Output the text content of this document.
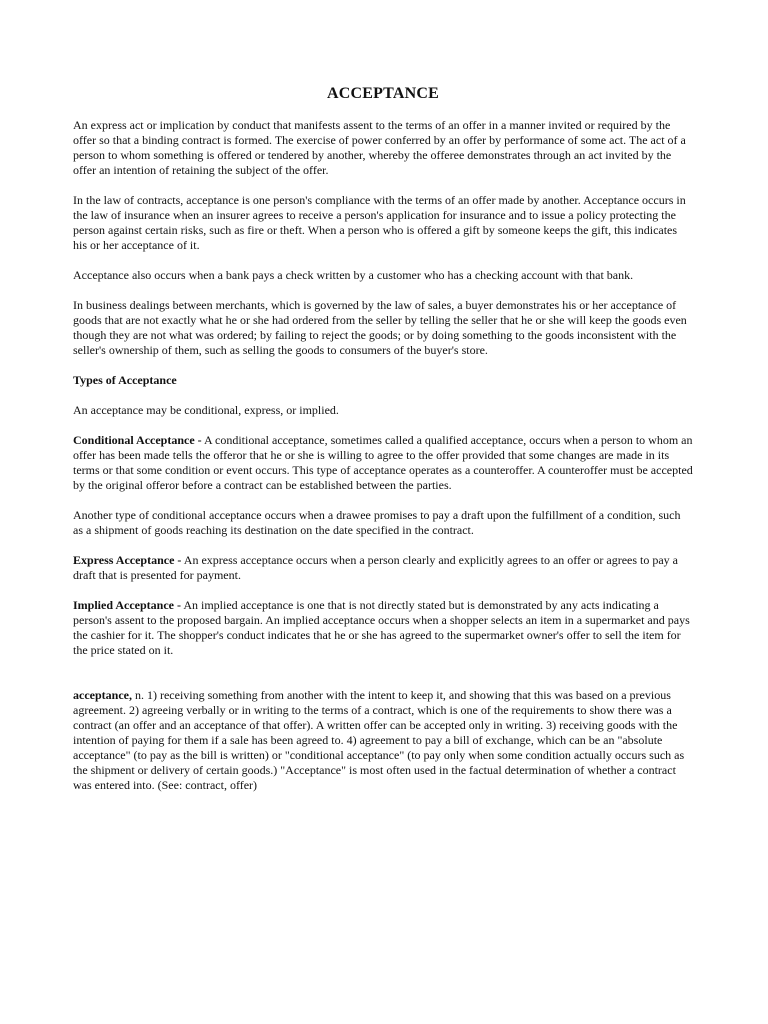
ACCEPTANCE

An express act or implication by conduct that manifests assent to the terms of an offer in a manner invited or required by the offer so that a binding contract is formed. The exercise of power conferred by an offer by performance of some act. The act of a person to whom something is offered or tendered by another, whereby the offeree demonstrates through an act invited by the offer an intention of retaining the subject of the offer.

In the law of contracts, acceptance is one person's compliance with the terms of an offer made by another. Acceptance occurs in the law of insurance when an insurer agrees to receive a person's application for insurance and to issue a policy protecting the person against certain risks, such as fire or theft. When a person who is offered a gift by someone keeps the gift, this indicates his or her acceptance of it.

Acceptance also occurs when a bank pays a check written by a customer who has a checking account with that bank.

In business dealings between merchants, which is governed by the law of sales, a buyer demonstrates his or her acceptance of goods that are not exactly what he or she had ordered from the seller by telling the seller that he or she will keep the goods even though they are not what was ordered; by failing to reject the goods; or by doing something to the goods inconsistent with the seller's ownership of them, such as selling the goods to consumers of the buyer's store.

Types of Acceptance

An acceptance may be conditional, express, or implied.

Conditional Acceptance - A conditional acceptance, sometimes called a qualified acceptance, occurs when a person to whom an offer has been made tells the offeror that he or she is willing to agree to the offer provided that some changes are made in its terms or that some condition or event occurs. This type of acceptance operates as a counteroffer. A counteroffer must be accepted by the original offeror before a contract can be established between the parties.

Another type of conditional acceptance occurs when a drawee promises to pay a draft upon the fulfillment of a condition, such as a shipment of goods reaching its destination on the date specified in the contract.

Express Acceptance - An express acceptance occurs when a person clearly and explicitly agrees to an offer or agrees to pay a draft that is presented for payment.

Implied Acceptance - An implied acceptance is one that is not directly stated but is demonstrated by any acts indicating a person's assent to the proposed bargain. An implied acceptance occurs when a shopper selects an item in a supermarket and pays the cashier for it. The shopper's conduct indicates that he or she has agreed to the supermarket owner's offer to sell the item for the price stated on it.

acceptance, n. 1) receiving something from another with the intent to keep it, and showing that this was based on a previous agreement. 2) agreeing verbally or in writing to the terms of a contract, which is one of the requirements to show there was a contract (an offer and an acceptance of that offer). A written offer can be accepted only in writing. 3) receiving goods with the intention of paying for them if a sale has been agreed to. 4) agreement to pay a bill of exchange, which can be an "absolute acceptance" (to pay as the bill is written) or "conditional acceptance" (to pay only when some condition actually occurs such as the shipment or delivery of certain goods.) "Acceptance" is most often used in the factual determination of whether a contract was entered into. (See: contract, offer)
